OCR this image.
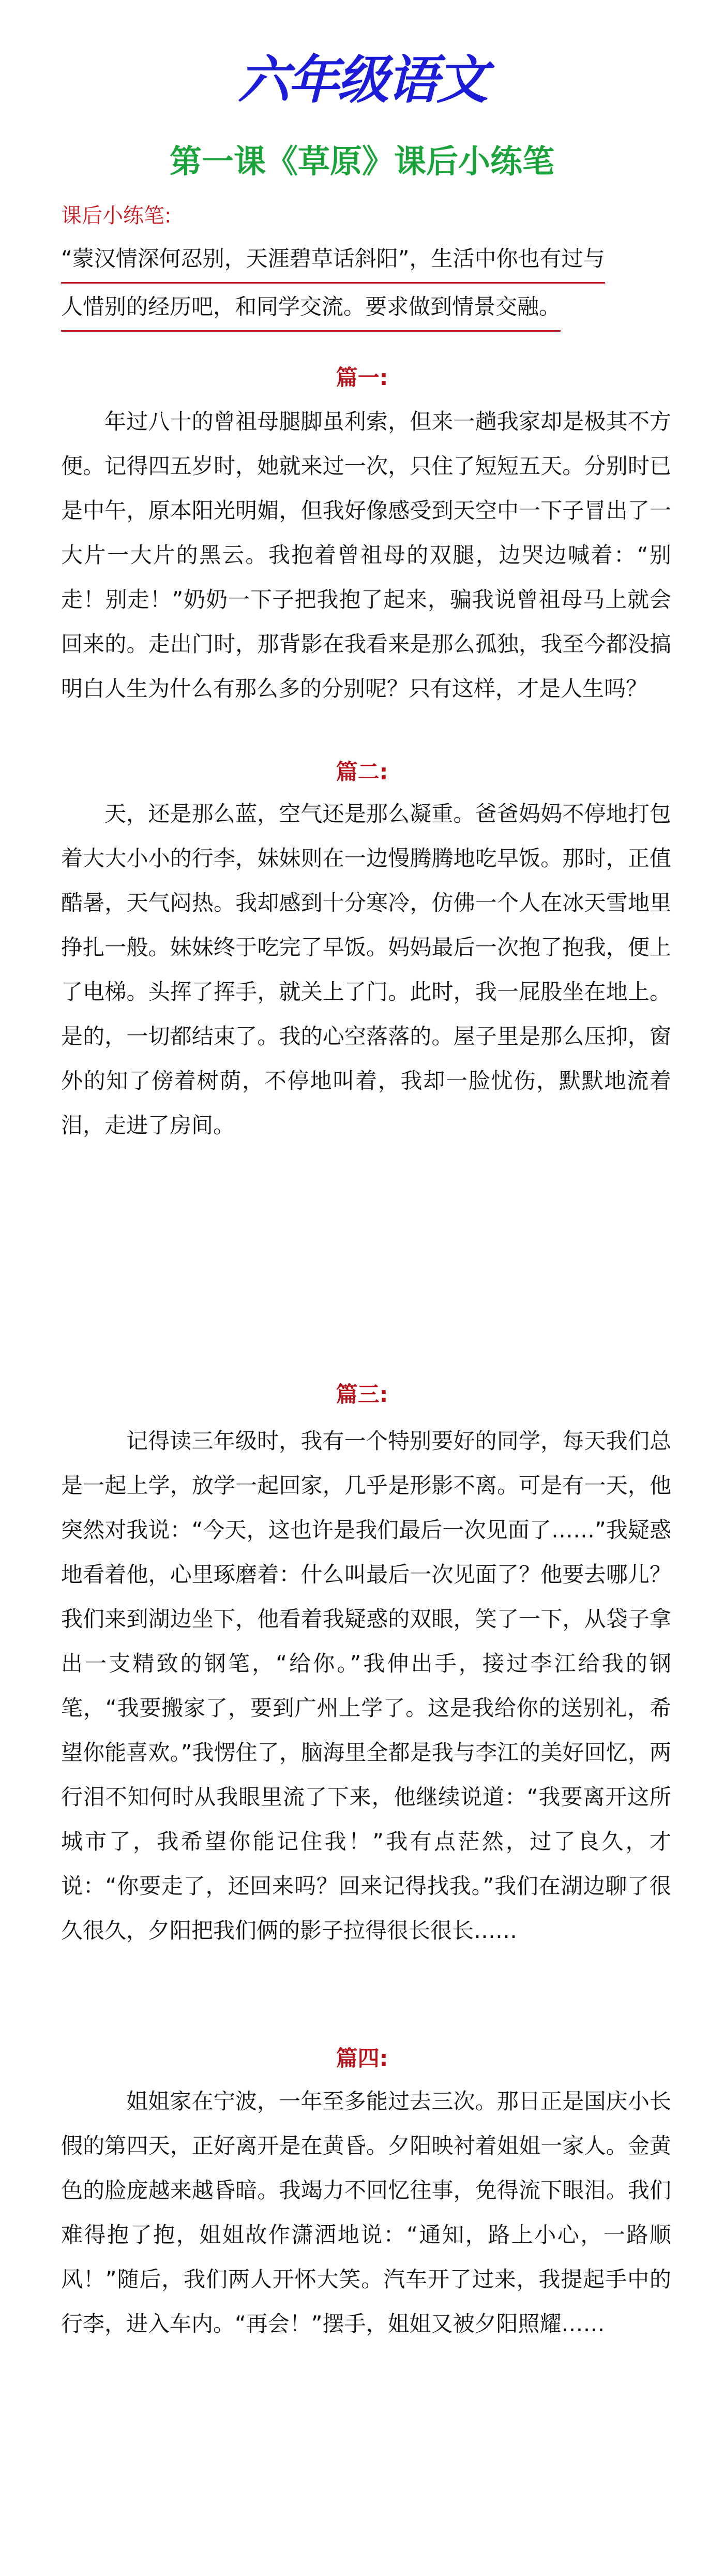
六年级语文
第一课《草原》课后小练笔
课后小练笔:
“蒙汉情深何忍别，天涯碧草话斜阳”，生活中你也有过与
人惜别的经历吧，和同学交流。要求做到情景交融。
篇一:

年过八十的曾祖母腿脚虽利索，但来一趟我家却是极其不方便。记得四五岁时，她就来过一次，只住了短短五天。分别时已是中午，原本阳光明媚，但我好像感受到天空中一下子冒出了一大片一大片的黑云。我抱着曾祖母的双腿，边哭边喊着：“别走！别走！”奶奶一下子把我抱了起来，骗我说曾祖母马上就会回来的。走出门时，那背影在我看来是那么孤独，我至今都没搞明白人生为什么有那么多的分别呢？只有这样，才是人生吗？

篇二:

天，还是那么蓝，空气还是那么凝重。爸爸妈妈不停地打包着大大小小的行李，妹妹则在一边慢腾腾地吃早饭。那时，正值酷暑，天气闷热。我却感到十分寒冷，仿佛一个人在冰天雪地里挣扎一般。妹妹终于吃完了早饭。妈妈最后一次抱了抱我，便上了电梯。头挥了挥手，就关上了门。此时，我一屁股坐在地上。是的，一切都结束了。我的心空落落的。屋子里是那么压抑，窗外的知了傍着树荫，不停地叫着，我却一脸忧伤，默默地流着泪，走进了房间。

篇三:

记得读三年级时，我有一个特别要好的同学，每天我们总是一起上学，放学一起回家，几乎是形影不离。可是有一天，他突然对我说：“今天，这也许是我们最后一次见面了……”我疑惑地看着他，心里琢磨着：什么叫最后一次见面了？他要去哪儿？我们来到湖边坐下，他看着我疑惑的双眼，笑了一下，从袋子拿出一支精致的钢笔，“给你。”我伸出手，接过李江给我的钢笔，“我要搬家了，要到广州上学了。这是我给你的送别礼，希望你能喜欢。”我愣住了，脑海里全都是我与李江的美好回忆，两行泪不知何时从我眼里流了下来，他继续说道：“我要离开这所城市了，我希望你能记住我！”我有点茫然，过了良久，才说：“你要走了，还回来吗？回来记得找我。”我们在湖边聊了很久很久，夕阳把我们俩的影子拉得很长很长……

篇四:

姐姐家在宁波，一年至多能过去三次。那日正是国庆小长假的第四天，正好离开是在黄昏。夕阳映衬着姐姐一家人。金黄色的脸庞越来越昏暗。我竭力不回忆往事，免得流下眼泪。我们难得抱了抱，姐姐故作潇洒地说：“通知，路上小心，一路顺风！”随后，我们两人开怀大笑。汽车开了过来，我提起手中的行李，进入车内。“再会！”摆手，姐姐又被夕阳照耀……
